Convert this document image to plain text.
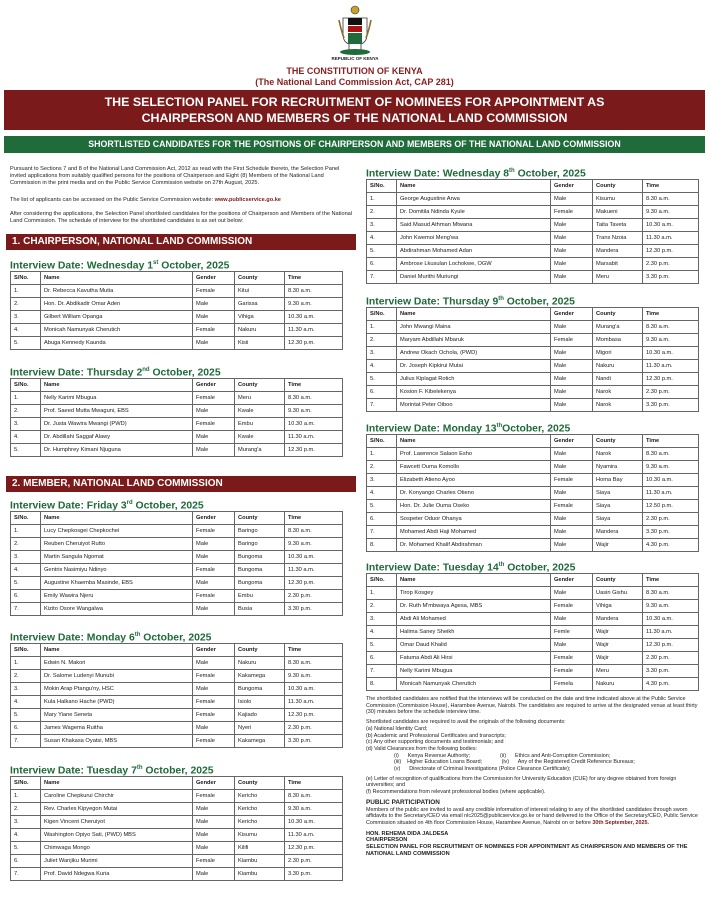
REPUBLIC OF KENYA
THE CONSTITUTION OF KENYA
(The National Land Commission Act, CAP 281)
THE SELECTION PANEL FOR RECRUITMENT OF NOMINEES FOR APPOINTMENT AS
CHAIRPERSON AND MEMBERS OF THE NATIONAL LAND COMMISSION
SHORTLISTED CANDIDATES FOR THE POSITIONS OF CHAIRPERSON AND MEMBERS OF THE NATIONAL LAND COMMISSION
Pursuant to Sections 7 and 8 of the National Land Commission Act, 2012 as read with the First Schedule thereto, the Selection Panel invited applications from suitably qualified persons for the positions of Chairperson and Eight (8) Members of the National Land Commission in the print media and on the Public Service Commission website on 27th August, 2025.
The list of applicants can be accessed on the Public Service Commission website: www.publicservice.go.ke
After considering the applications, the Selection Panel shortlisted candidates for the positions of Chairperson and Members of the National Land Commission. The schedule of interview for the shortlisted candidates is as set out below:
1. CHAIRPERSON, NATIONAL LAND COMMISSION
2. MEMBER, NATIONAL LAND COMMISSION
Interview Date: Wednesday 1st October, 2025
S/No.	Name	Gender	County	Time
1.	Dr. Rebecca Kavutha Mutia	Female	Kitui	8.30 a.m.
2.	Hon. Dr. Abdikadir Omar Aden	Male	Garissa	9.30 a.m.
3.	Gilbert William Opanga	Male	Vihiga	10.30 a.m.
4.	Monicah Namunyak Cherutich	Female	Nakuru	11.30 a.m.
5.	Abuga Kennedy Kaunda	Male	Kisii	12.30 p.m.
Interview Date: Thursday 2nd October, 2025
S/No.	Name	Gender	County	Time
1.	Nelly Karimi Mbugua	Female	Meru	8.30 a.m.
2.	Prof. Saeed Mutta Mwaguni, EBS	Male	Kwale	9.30 a.m.
3.	Dr. Justa Wawira Mwangi (PWD)	Female	Embu	10.30 a.m.
4.	Dr. Abdillahi Saggaf Alawy	Male	Kwale	11.30 a.m.
5.	Dr. Humphrey Kimani Njuguna	Male	Murang'a	12.30 p.m.
Interview Date: Friday 3rd October, 2025
S/No.	Name	Gender	County	Time
1.	Lucy Chepkosgei Chepkochei	Female	Baringo	8.30 a.m.
2.	Reuben Cheruiyot Rutto	Male	Baringo	9.30 a.m.
3.	Martin Sangula Ngomat	Male	Bungoma	10.30 a.m.
4.	Gentrix Nasimiyu Ndinyo	Female	Bungoma	11.30 a.m.
5.	Augustine Khaemba Masinde, EBS	Male	Bungoma	12.30 p.m.
6.	Emily Wawira Njeru	Female	Embu	2.30 p.m.
7.	Kizito Osore Wangalwa	Male	Busia	3.30 p.m.
Interview Date: Monday 6th October, 2025
S/No.	Name	Gender	County	Time
1.	Edwin N. Makori	Male	Nakuru	8.30 a.m.
2.	Dr. Salome Ludenyi Munubi	Female	Kakamega	9.30 a.m.
3.	Mokin Arap Ptangu'ny, HSC	Male	Bungoma	10.30 a.m.
4.	Kula Halkano Hache (PWD)	Female	Isiolo	11.30 a.m.
5.	Mary Yiane Seneta	Female	Kajiado	12.30 p.m.
6.	James Wagema Ruitha	Male	Nyeri	2.30 p.m.
7.	Susan Khakasa Oyatsi, MBS	Female	Kakamega	3.30 p.m.
Interview Date: Tuesday 7th October, 2025
S/No.	Name	Gender	County	Time
1.	Caroline Chepkurui Chirchir	Female	Kericho	8.30 a.m.
2.	Rev. Charles Kipyegon Mutai	Male	Kericho	9.30 a.m.
3.	Kigen Vincent Cheruiyot	Male	Kericho	10.30 a.m.
4.	Washington Opiyo Sati, (PWD) MBS	Male	Kisumu	11.30 a.m.
5.	Chimwaga Mongo	Male	Kilifi	12.30 p.m.
6.	Juliet Wanjiku Murimi	Female	Kiambu	2.30 p.m.
7.	Prof. David Ndegwa Kuria	Male	Kiambu	3.30 p.m.
Interview Date: Wednesday 8th October, 2025
S/No.	Name	Gender	County	Time
1.	George Augustine Arwa	Male	Kisumu	8.30 a.m.
2.	Dr. Domitila Ndinda Kyule	Female	Makueni	9.30 a.m.
3.	Said Masud Athman Mtwana	Male	Taita Taveta	10.30 a.m.
4.	John Kwemoi Meng'wa	Male	Trans Nzoia	11.30 a.m.
5.	Abdirahman Mohamed Adan	Male	Mandera	12.30 p.m.
6.	Ambrose Lkusulan Lochokwe, OGW	Male	Marsabit	2.30 p.m.
7.	Daniel Murithi Muriungi	Male	Meru	3.30 p.m.
Interview Date: Thursday 9th October, 2025
S/No.	Name	Gender	County	Time
1.	John Mwangi Maina	Male	Murang'a	8.30 a.m.
2.	Maryam Abdillahi Mbaruk	Female	Mombasa	9.30 a.m.
3.	Andrew Okach Ochola, (PWD)	Male	Migori	10.30 a.m.
4.	Dr. Joseph Kipkirui Mutai	Male	Nakuru	11.30 a.m.
5.	Julius Kiplagat Rotich	Male	Nandi	12.30 p.m.
6.	Kosion F. Kibelekenya	Male	Narok	2.30 p.m.
7.	Morintat Peter Oiboo	Male	Narok	3.30 p.m.
Interview Date: Monday 13thOctober, 2025
S/No.	Name	Gender	County	Time
1.	Prof. Lawrence Salaon Esho	Male	Narok	8.30 a.m.
2.	Fawcett Ouma Komollo	Male	Nyamira	9.30 a.m.
3.	Elizabeth Atieno Ayoo	Female	Homa Bay	10.30 a.m.
4.	Dr. Konyango Charles Otieno	Male	Siaya	11.30 a.m.
5.	Hon. Dr. Julie Ouma Oseko	Female	Siaya	12.50 p.m.
6.	Sospeter Oduor Ohanya	Male	Siaya	2.30 p.m.
7.	Mohamed Abdi Haji Mohamed	Male	Mandera	3.30 p.m.
8.	Dr. Mohamed Khalif Abdirahman	Male	Wajir	4.30 p.m.
Interview Date: Tuesday 14th October, 2025
S/No.	Name	Gender	County	Time
1.	Tirop Kosgey	Male	Uasin Gishu	8.30 a.m.
2.	Dr. Ruth M'mbwaya Agesa, MBS	Female	Vihiga	9.30 a.m.
3.	Abdi Ali Mohamed	Male	Mandera	10.30 a.m.
4.	Halima Saney Sheikh	Femle	Wajir	11.30 a.m.
5.	Omar Daud Khalid	Male	Wajir	12.30 p.m.
6.	Fatuma Abdi Ali Hirsi	Female	Wajir	2.30 p.m.
7.	Nelly Karimi Mbugua	Female	Meru	3.30 p.m.
8.	Monicah Namunyak Cherutich	Femela	Nakuru	4.30 p.m.
The shortlisted candidates are notified that the interviews will be conducted on the date and time indicated above at the Public Service Commission (Commission House), Harambee Avenue, Nairobi. The candidates are required to arrive at the designated venue at least thirty (30) minutes before the schedule interview time.
Shortlisted candidates are required to avail the originals of the following documents:
(a) National Identity Card;
(b) Academic and Professional Certificates and transcripts;
(c) Any other supporting documents and testimonials; and
(d) Valid Clearances from the following bodies:
(i)      Kenya Revenue Authority;                    (ii)      Ethics and Anti-Corruption Commission;
(iii)    Higher Education Loans Board;             (iv)      Any of the Registered Credit Reference Bureaus;
(v)      Directorate of Criminal Investigations (Police Clearance Certificate);
(e) Letter of recognition of qualifications from the Commission for University Education (CUE) for any degree obtained from foreign universities; and
(f) Recommendations from relevant professional bodies (where applicable).
PUBLIC PARTICIPATION
Members of the public are invited to avail any credible information of interest relating to any of the shortlisted candidates through sworn affidavits to the Secretary/CEO via email nlc2025@publicservice.go.ke or hand delivered to the Office of the Secretary/CEO, Public Service Commission situated on 4th floor Commission House, Harambee Avenue, Nairobi on or before 30th September, 2025.
HON. REHEMA DIDA JALDESA
CHAIRPERSON
SELECTION PANEL FOR RECRUITMENT OF NOMINEES FOR APPOINTMENT AS CHAIRPERSON AND MEMBERS OF THE NATIONAL LAND COMMISSION
